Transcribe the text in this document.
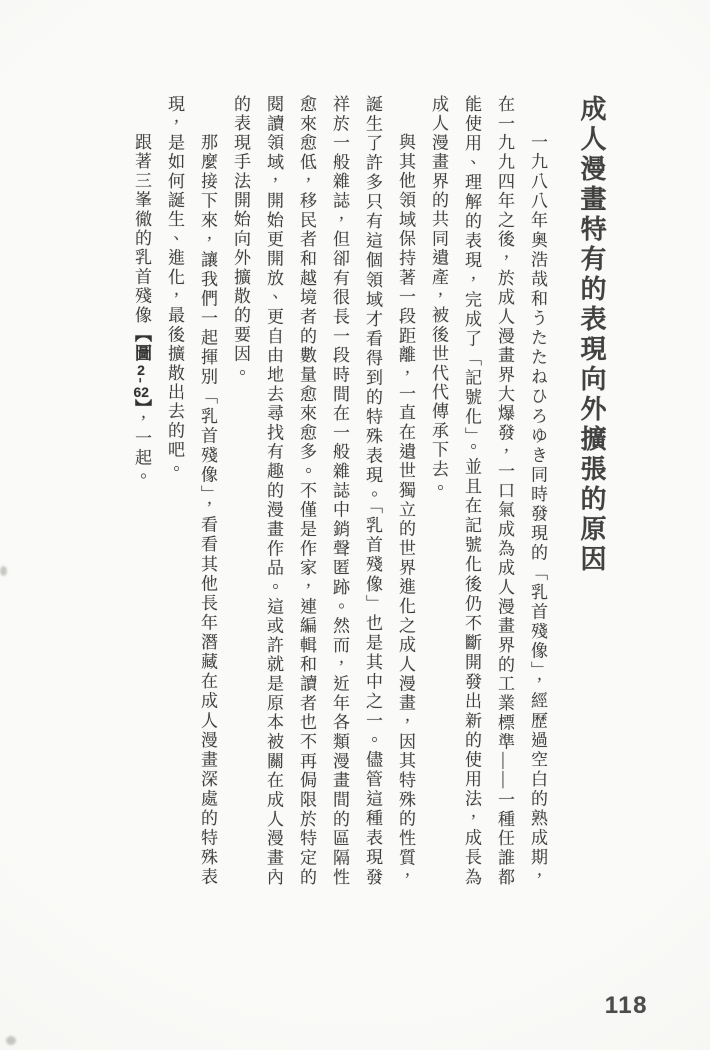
成人漫畫特有的表現向外擴張的原因

一九八八年奧浩哉和うたたねひろゆき同時發現的「乳首殘像」，經歷過空白的熟成期，在一九九四年之後，於成人漫畫界大爆發，一口氣成為成人漫畫界的工業標準——一種任誰都能使用、理解的表現，完成了「記號化」。並且在記號化後仍不斷開發出新的使用法，成長為成人漫畫界的共同遺產，被後世代代傳承下去。

與其他領域保持著一段距離，一直在遺世獨立的世界進化之成人漫畫，因其特殊的性質，誕生了許多只有這個領域才看得到的特殊表現。「乳首殘像」也是其中之一。儘管這種表現發祥於一般雜誌，但卻有很長一段時間在一般雜誌中銷聲匿跡。然而，近年各類漫畫間的區隔性愈來愈低，移民者和越境者的數量愈來愈多。不僅是作家，連編輯和讀者也不再侷限於特定的閱讀領域，開始更開放、更自由地去尋找有趣的漫畫作品。這或許就是原本被關在成人漫畫內的表現手法開始向外擴散的要因。

那麼接下來，讓我們一起揮別「乳首殘像」，看看其他長年潛藏在成人漫畫深處的特殊表現，是如何誕生、進化，最後擴散出去的吧。

跟著三峯徹的乳首殘像【圖2-62】，一起。

118
